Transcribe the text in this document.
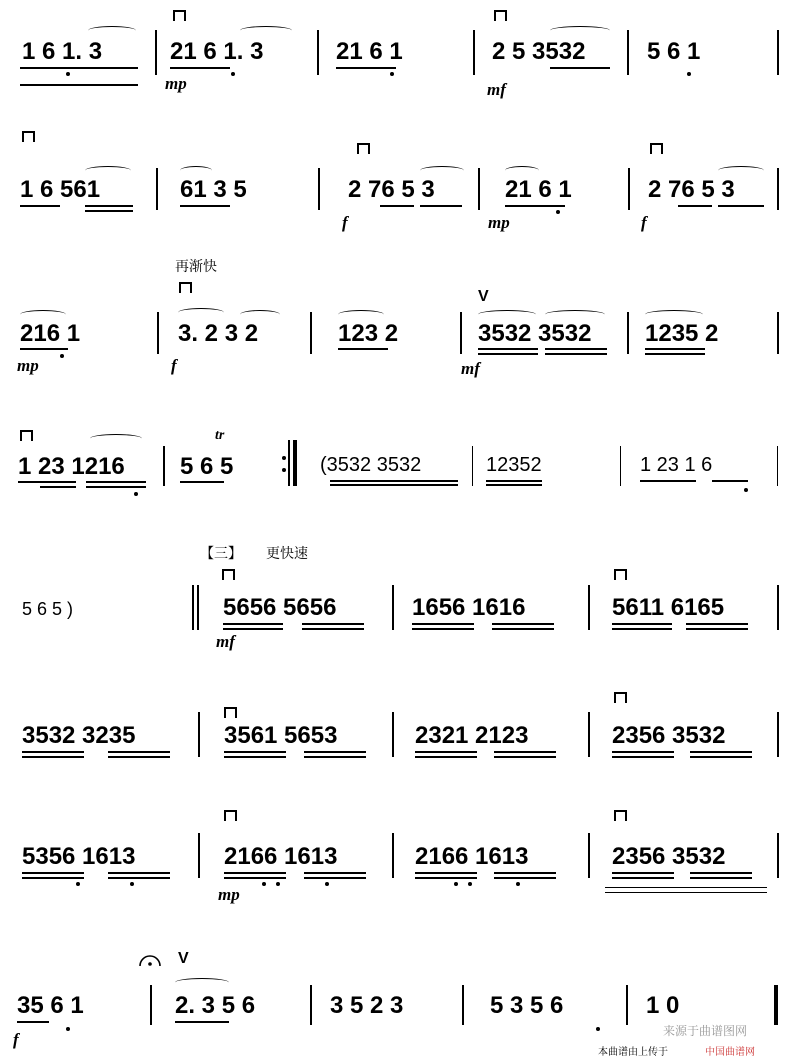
再渐快
【三】 更快速
1 6 1. 3	21 6 1. 3	21 6 1	2 5 3532	5 6 1
mp	mf
1 6 561	61 3 5	2 76 5 3	21 6 1	2 76 5 3
f	mp	f
216 1	3. 2 3 2	123 2	3532 3532 1235 2
mp	f	mf
V
1 23 1216 5 6 5	(3532 3532	12352	1 23 1 6
tr
5 6 5 )	5656 5656	1656 1616	5611 6165
mf
3532 3235	3561 5653	2321 2123	2356 3532
5356 1613	2166 1613	2166 1613	2356 3532
mp
35 6 1	2. 3 5 6	3 5 2 3	5 3 5 6	1 0
f
V
本曲谱由上传于	中国曲谱网
来源于曲谱图网
